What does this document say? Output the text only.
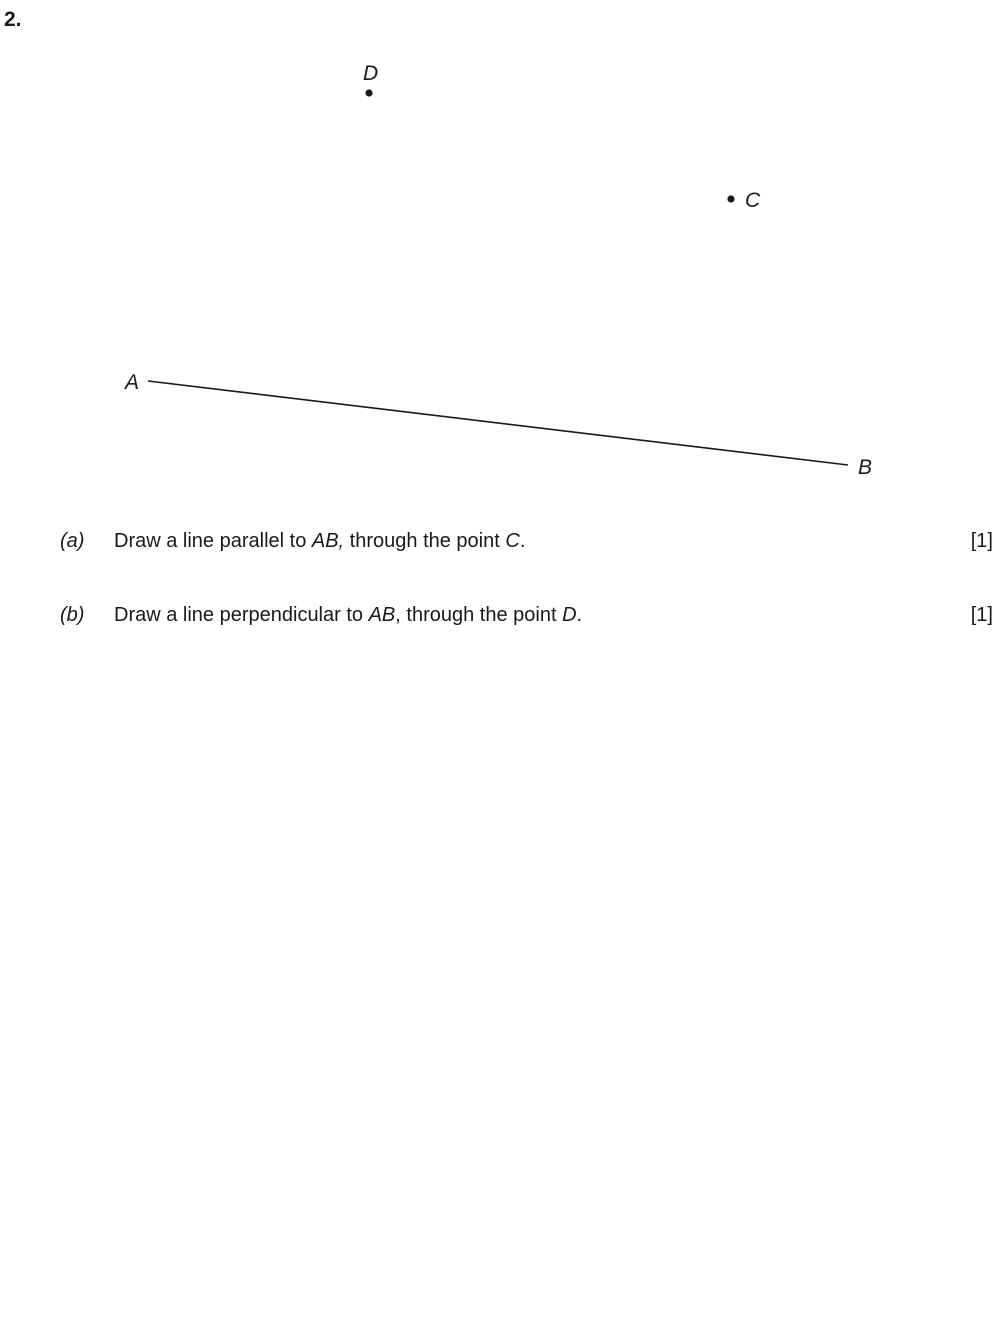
2.
D
C
A
B
(a) Draw a line parallel to AB, through the point C.	[1]
(b) Draw a line perpendicular to AB, through the point D.	[1]
